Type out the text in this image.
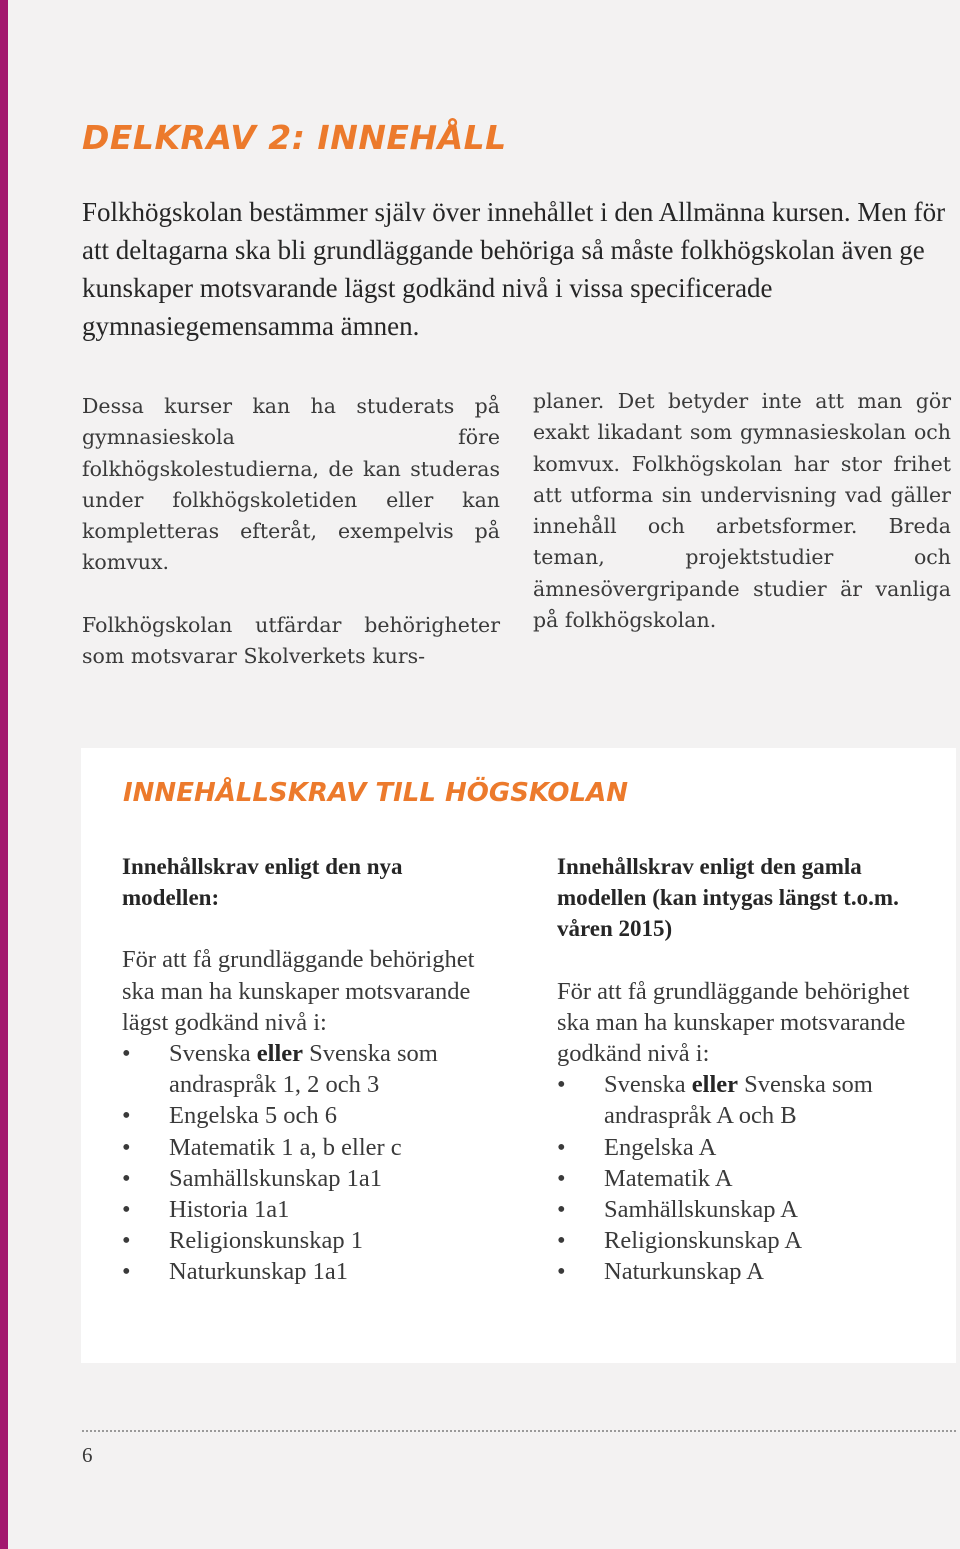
DELKRAV 2: INNEHÅLL

Folkhögskolan bestämmer själv över innehållet i den Allmänna kursen. Men för att deltagarna ska bli grundläggande behöriga så måste folkhögskolan även ge kunskaper motsvarande lägst godkänd nivå i vissa specificerade gymnasiegemensamma ämnen.

Dessa kurser kan ha studerats på gymnasieskola före folkhögskolestudierna, de kan studeras under folkhögskoletiden eller kan kompletteras efteråt, exempelvis på komvux.

Folkhögskolan utfärdar behörigheter som motsvarar Skolverkets kurs-

planer. Det betyder inte att man gör exakt likadant som gymnasieskolan och komvux. Folkhögskolan har stor frihet att utforma sin undervisning vad gäller innehåll och arbetsformer. Breda teman, projektstudier och ämnesövergripande studier är vanliga på folkhögskolan.

INNEHÅLLSKRAV TILL HÖGSKOLAN

Innehållskrav enligt den nya modellen:

För att få grundläggande behörighet ska man ha kunskaper motsvarande lägst godkänd nivå i:

• Svenska eller Svenska som andraspråk 1, 2 och 3
• Engelska 5 och 6
• Matematik 1 a, b eller c
• Samhällskunskap 1a1
• Historia 1a1
• Religionskunskap 1
• Naturkunskap 1a1

Innehållskrav enligt den gamla modellen (kan intygas längst t.o.m. våren 2015)

För att få grundläggande behörighet ska man ha kunskaper motsvarande godkänd nivå i:

• Svenska eller Svenska som andraspråk A och B
• Engelska A
• Matematik A
• Samhällskunskap A
• Religionskunskap A
• Naturkunskap A
6
